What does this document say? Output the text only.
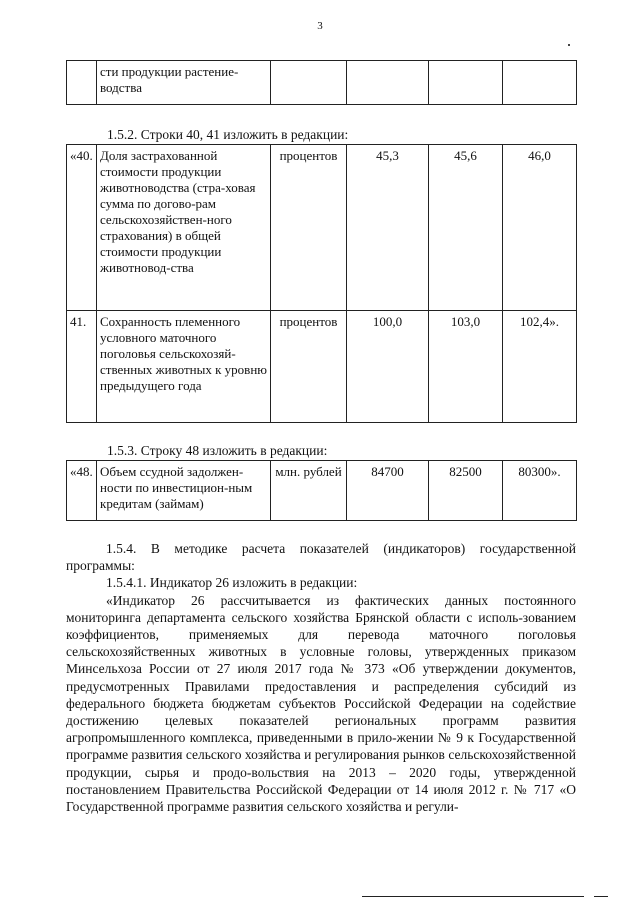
3
	сти продукции растение-водства				
1.5.2. Строки 40, 41 изложить в редакции:
«40.	Доля застрахованной стоимости продукции животноводства (стра-ховая сумма по догово-рам сельскохозяйствен-ного страхования) в общей стоимости продукции животновод-ства	процентов	45,3	45,6	46,0
41.	Сохранность племенного условного маточного поголовья сельскохозяй-ственных животных к уровню предыдущего года	процентов	100,0	103,0	102,4».
1.5.3. Строку 48 изложить в редакции:
«48.	Объем ссудной задолжен-ности по инвестицион-ным кредитам (займам)	млн. рублей	84700	82500	80300».

1.5.4. В методике расчета показателей (индикаторов) государственной программы:

1.5.4.1. Индикатор 26 изложить в редакции:

«Индикатор 26 рассчитывается из фактических данных постоянного мониторинга департамента сельского хозяйства Брянской области с исполь-зованием коэффициентов, применяемых для перевода маточного поголовья сельскохозяйственных животных в условные головы, утвержденных приказом Минсельхоза России от 27 июля 2017 года № 373 «Об утверждении документов, предусмотренных Правилами предоставления и распределения субсидий из федерального бюджета бюджетам субъектов Российской Федерации на содействие достижению целевых показателей региональных программ развития агропромышленного комплекса, приведенными в прило-жении № 9 к Государственной программе развития сельского хозяйства и регулирования рынков сельскохозяйственной продукции, сырья и продо-вольствия на 2013 – 2020 годы, утвержденной постановлением Правительства Российской Федерации от 14 июля 2012 г. № 717 «О Государственной программе развития сельского хозяйства и регули-
